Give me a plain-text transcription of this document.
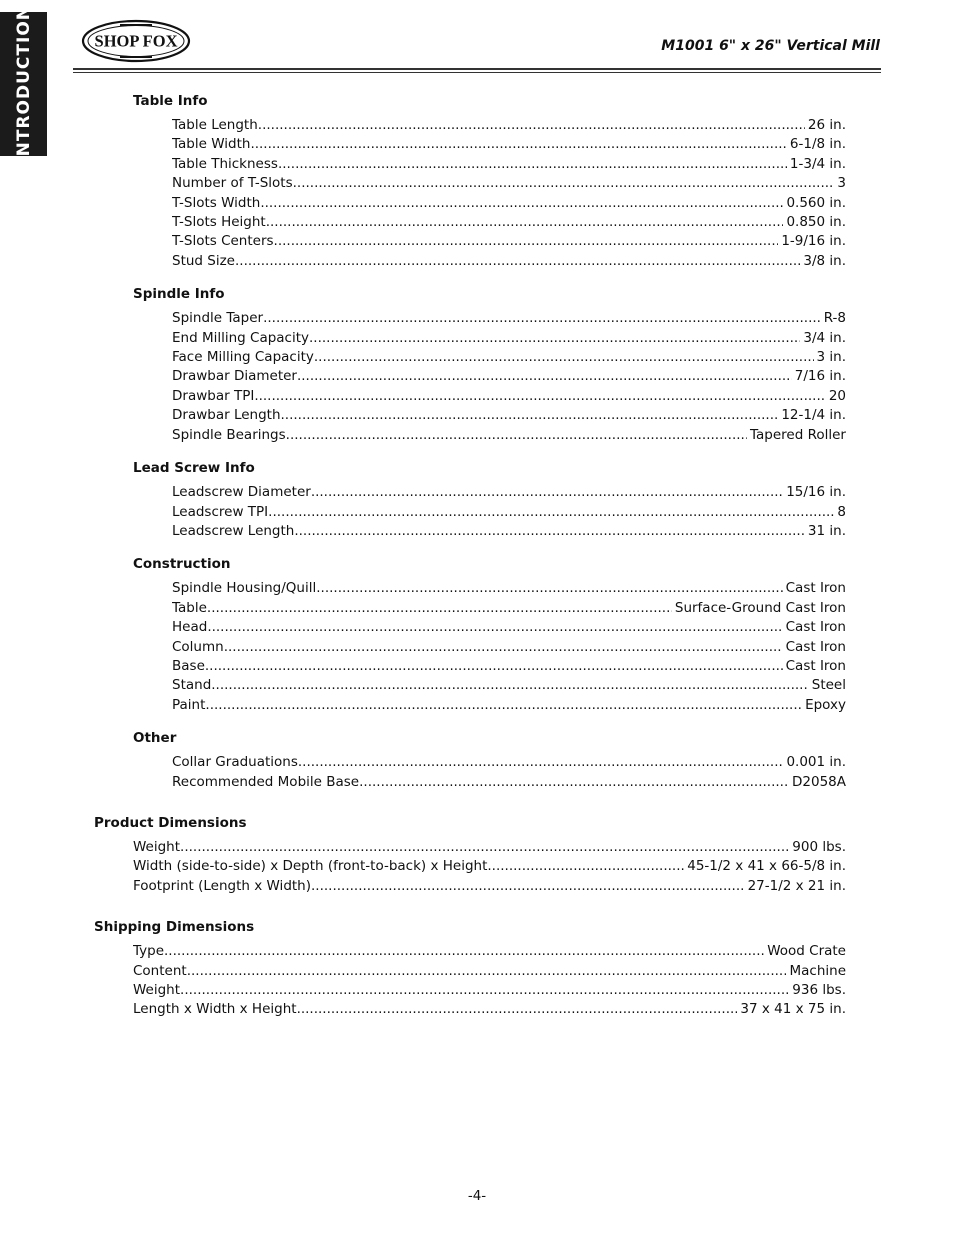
INTRODUCTION	SHOP FOX	M1001 6" x 26" Vertical Mill
Table Info
Table Length .....	26 in.
Table Width .....	6-1/8 in.
Table Thickness .....	1-3/4 in.
Number of T-Slots .....	3
T-Slots Width .....	0.560 in.
T-Slots Height .....	0.850 in.
T-Slots Centers .....	1-9/16 in.
Stud Size .....	3/8 in.
Spindle Info
Spindle Taper .....	R-8
End Milling Capacity .....	3/4 in.
Face Milling Capacity .....	3 in.
Drawbar Diameter .....	7/16 in.
Drawbar TPI .....	20
Drawbar Length .....	12-1/4 in.
Spindle Bearings .....	Tapered Roller
Lead Screw Info
Leadscrew Diameter .....	15/16 in.
Leadscrew TPI .....	8
Leadscrew Length .....	31 in.
Construction
Spindle Housing/Quill .....	Cast Iron
Table .....	Surface-Ground Cast Iron
Head .....	Cast Iron
Column .....	Cast Iron
Base .....	Cast Iron
Stand .....	Steel
Paint .....	Epoxy
Other
Collar Graduations .....	0.001 in.
Recommended Mobile Base .....	D2058A
Product Dimensions
Weight .....	900 lbs.
Width (side-to-side) x Depth (front-to-back) x Height .....	45-1/2 x 41 x 66-5/8 in.
Footprint (Length x Width) .....	27-1/2 x 21 in.
Shipping Dimensions
Type .....	Wood Crate
Content .....	Machine
Weight .....	936 lbs.
Length x Width x Height .....	37 x 41 x 75 in.
-4-
